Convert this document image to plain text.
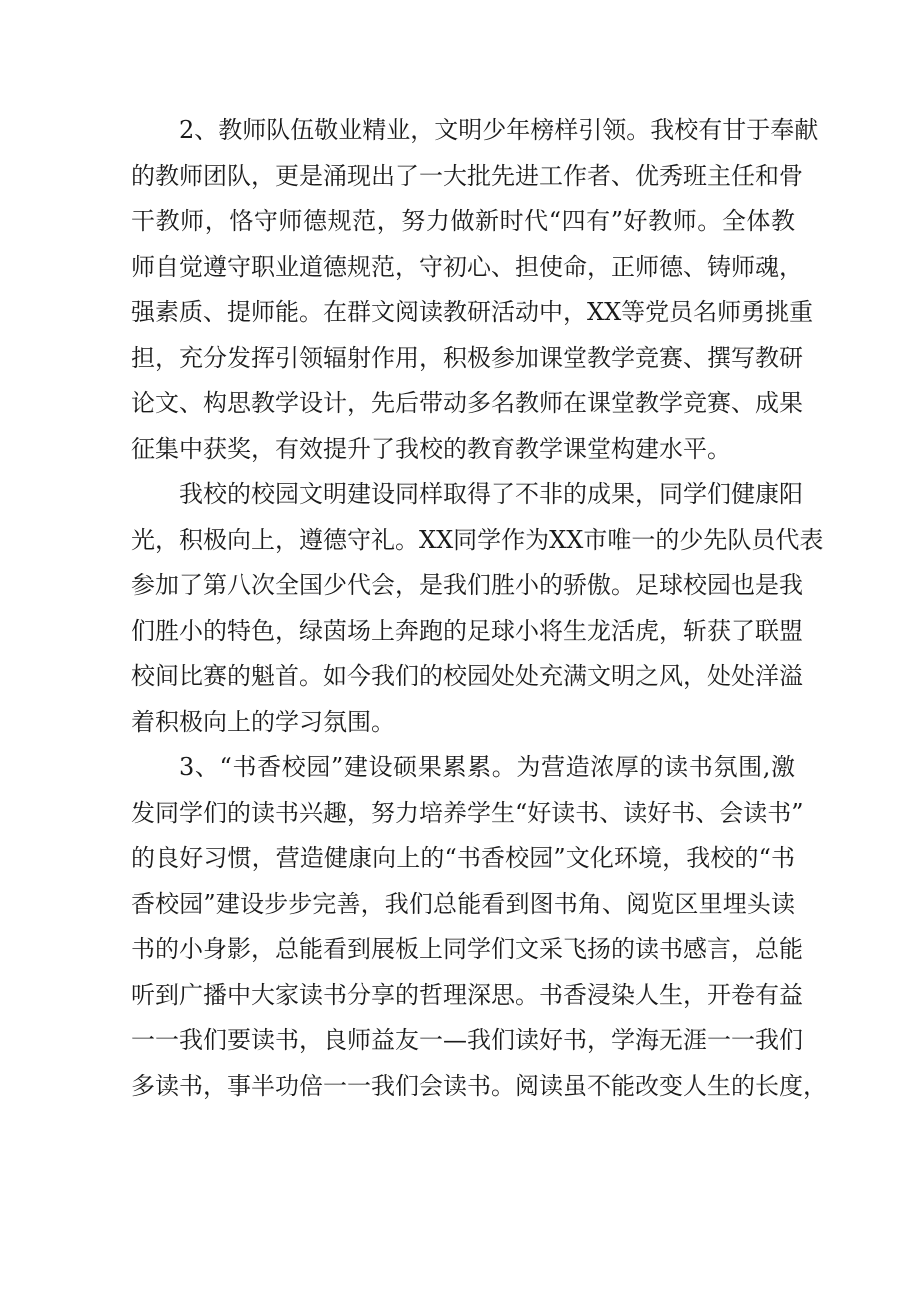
2、教师队伍敬业精业，文明少年榜样引领。我校有甘于奉献
的教师团队，更是涌现出了一大批先进工作者、优秀班主任和骨
干教师，恪守师德规范，努力做新时代“四有”好教师。全体教
师自觉遵守职业道德规范，守初心、担使命，正师德、铸师魂，
强素质、提师能。在群文阅读教研活动中，XX等党员名师勇挑重
担，充分发挥引领辐射作用，积极参加课堂教学竞赛、撰写教研
论文、构思教学设计，先后带动多名教师在课堂教学竞赛、成果
征集中获奖，有效提升了我校的教育教学课堂构建水平。
我校的校园文明建设同样取得了不非的成果，同学们健康阳
光，积极向上，遵德守礼。XX同学作为XX市唯一的少先队员代表
参加了第八次全国少代会，是我们胜小的骄傲。足球校园也是我
们胜小的特色，绿茵场上奔跑的足球小将生龙活虎，斩获了联盟
校间比赛的魁首。如今我们的校园处处充满文明之风，处处洋溢
着积极向上的学习氛围。
3、“书香校园”建设硕果累累。为营造浓厚的读书氛围,激
发同学们的读书兴趣，努力培养学生“好读书、读好书、会读书”
的良好习惯，营造健康向上的“书香校园”文化环境，我校的“书
香校园”建设步步完善，我们总能看到图书角、阅览区里埋头读
书的小身影，总能看到展板上同学们文采飞扬的读书感言，总能
听到广播中大家读书分享的哲理深思。书香浸染人生，开卷有益
一一我们要读书，良师益友一—我们读好书，学海无涯一一我们
多读书，事半功倍一一我们会读书。阅读虽不能改变人生的长度，
